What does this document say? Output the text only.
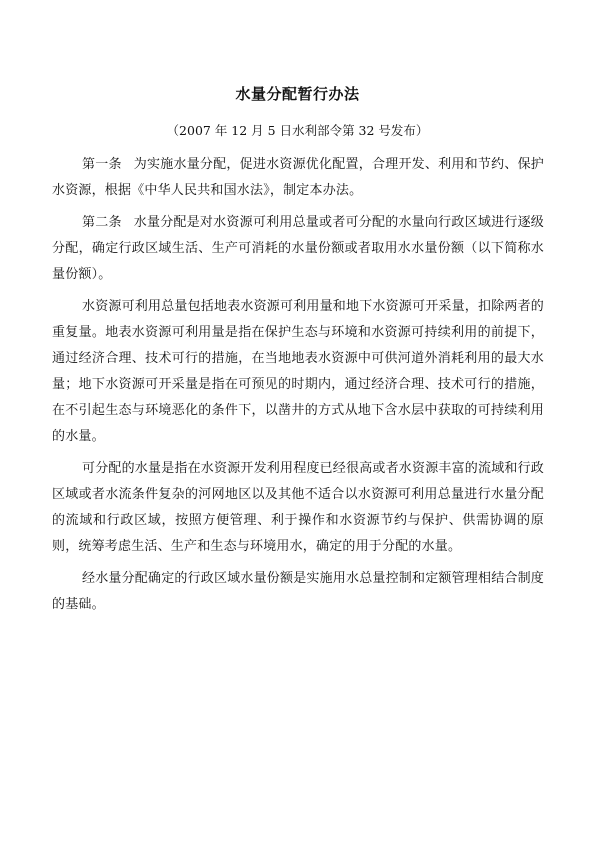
水量分配暂行办法
（2007 年 12 月 5 日水利部令第 32 号发布）

第一条 为实施水量分配，促进水资源优化配置，合理开发、利用和节约、保护水资源，根据《中华人民共和国水法》，制定本办法。

第二条 水量分配是对水资源可利用总量或者可分配的水量向行政区域进行逐级分配，确定行政区域生活、生产可消耗的水量份额或者取用水水量份额（以下简称水量份额）。

水资源可利用总量包括地表水资源可利用量和地下水资源可开采量，扣除两者的重复量。地表水资源可利用量是指在保护生态与环境和水资源可持续利用的前提下，通过经济合理、技术可行的措施，在当地地表水资源中可供河道外消耗利用的最大水量；地下水资源可开采量是指在可预见的时期内，通过经济合理、技术可行的措施，在不引起生态与环境恶化的条件下，以凿井的方式从地下含水层中获取的可持续利用的水量。

可分配的水量是指在水资源开发利用程度已经很高或者水资源丰富的流域和行政区域或者水流条件复杂的河网地区以及其他不适合以水资源可利用总量进行水量分配的流域和行政区域，按照方便管理、利于操作和水资源节约与保护、供需协调的原则，统筹考虑生活、生产和生态与环境用水，确定的用于分配的水量。

经水量分配确定的行政区域水量份额是实施用水总量控制和定额管理相结合制度的基础。
